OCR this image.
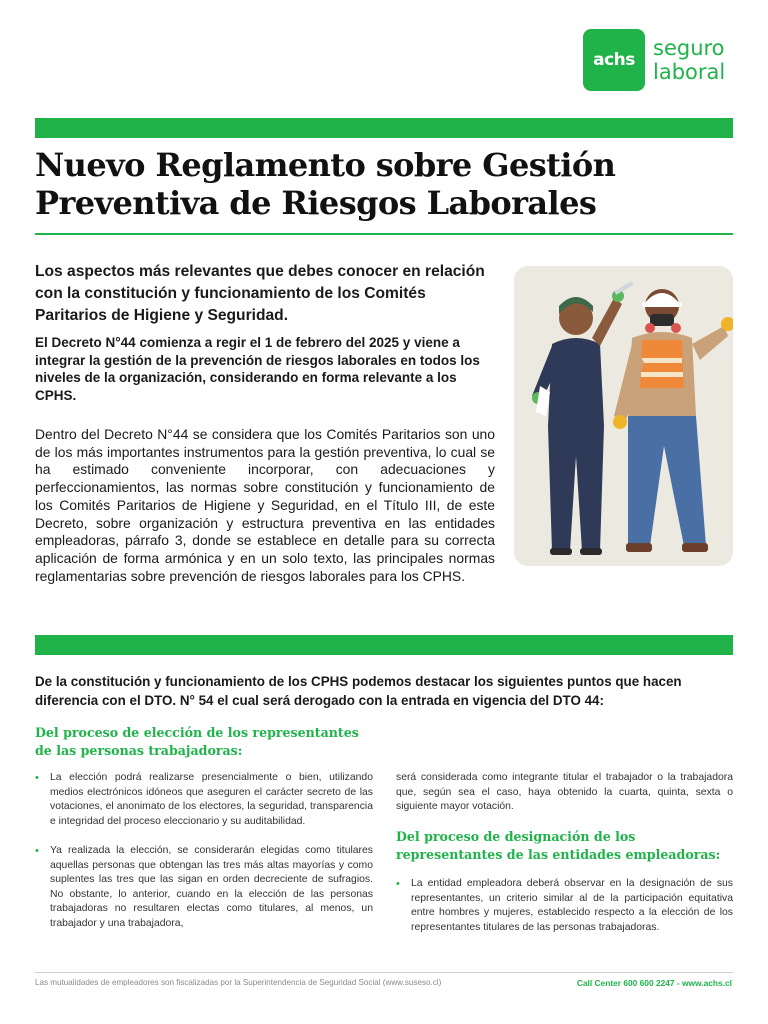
achs seguro
laboral
Nuevo Reglamento sobre Gestión
Preventiva de Riesgos Laborales

Los aspectos más relevantes que debes conocer en relación con la constitución y funcionamiento de los Comités Paritarios de Higiene y Seguridad.

El Decreto N°44 comienza a regir el 1 de febrero del 2025 y viene a integrar la gestión de la prevención de riesgos laborales en todos los niveles de la organización, considerando en forma relevante a los CPHS.

Dentro del Decreto N°44 se considera que los Comités Paritarios son uno de los más importantes instrumentos para la gestión preventiva, lo cual se ha estimado conveniente incorporar, con adecuaciones y perfeccionamientos, las normas sobre constitución y funcionamiento de los Comités Paritarios de Higiene y Seguridad, en el Título III, de este Decreto, sobre organización y estructura preventiva en las entidades empleadoras, párrafo 3, donde se establece en detalle para su correcta aplicación de forma armónica y en un solo texto, las principales normas reglamentarias sobre prevención de riesgos laborales para los CPHS.

De la constitución y funcionamiento de los CPHS podemos destacar los siguientes puntos que hacen diferencia con el DTO. N° 54 el cual será derogado con la entrada en vigencia del DTO 44:

Del proceso de elección de los representantes de las personas trabajadoras:
• La elección podrá realizarse presencialmente o bien, utilizando medios electrónicos idóneos que aseguren el carácter secreto de las votaciones, el anonimato de los electores, la seguridad, transparencia e integridad del proceso eleccionario y su auditabilidad.
• Ya realizada la elección, se considerarán elegidas como titulares aquellas personas que obtengan las tres más altas mayorías y como suplentes las tres que las sigan en orden decreciente de sufragios. No obstante, lo anterior, cuando en la elección de las personas trabajadoras no resultaren electas como titulares, al menos, un trabajador y una trabajadora,

será considerada como integrante titular el trabajador o la trabajadora que, según sea el caso, haya obtenido la cuarta, quinta, sexta o siguiente mayor votación.

Del proceso de designación de los representantes de las entidades empleadoras:
• La entidad empleadora deberá observar en la designación de sus representantes, un criterio similar al de la participación equitativa entre hombres y mujeres, establecido respecto a la elección de los representantes titulares de las personas trabajadoras.
Las mutualidades de empleadores son fiscalizadas por la Superintendencia de Seguridad Social (www.suseso.cl)	Call Center 600 600 2247 - www.achs.cl
